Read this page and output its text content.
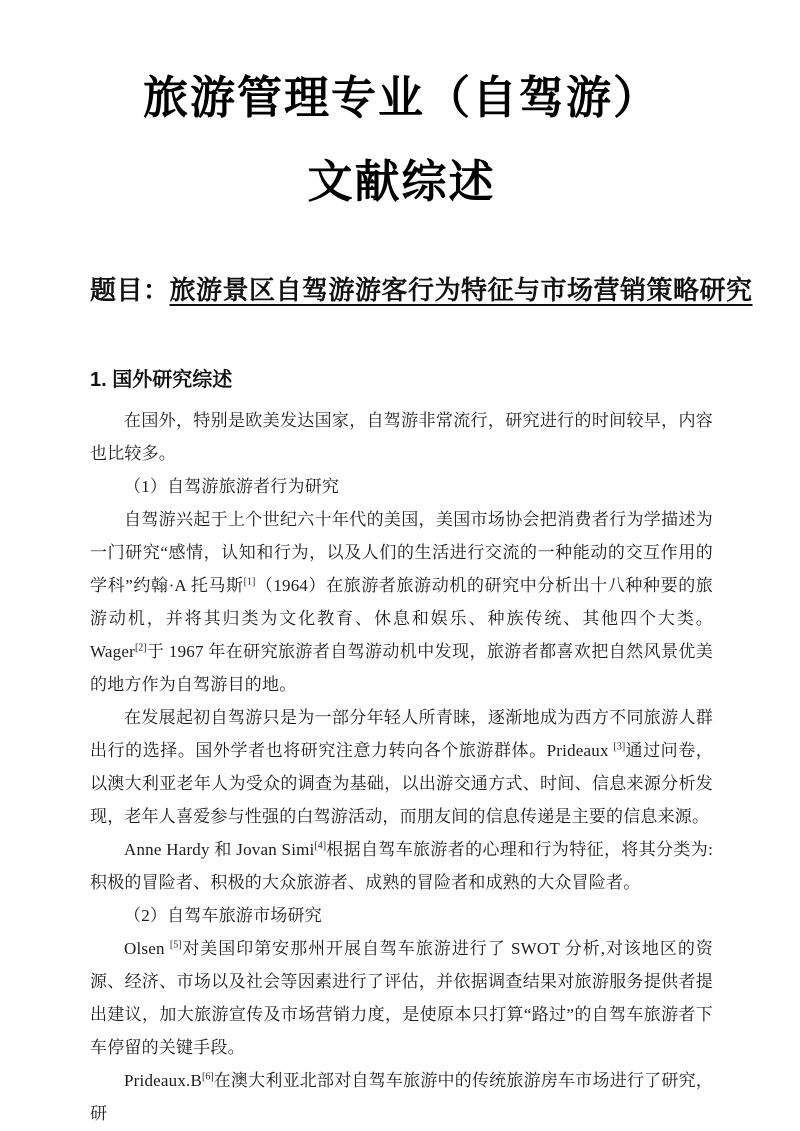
旅游管理专业（自驾游）
文献综述
题目：旅游景区自驾游游客行为特征与市场营销策略研究
1. 国外研究综述

在国外，特别是欧美发达国家，自驾游非常流行，研究进行的时间较早，内容也比较多。

（1）自驾游旅游者行为研究

自驾游兴起于上个世纪六十年代的美国，美国市场协会把消费者行为学描述为一门研究“感情，认知和行为，以及人们的生活进行交流的一种能动的交互作用的学科”约翰·A 托马斯[1]（1964）在旅游者旅游动机的研究中分析出十八种种要的旅游动机，并将其归类为文化教育、休息和娱乐、种族传统、其他四个大类。Wager[2]于 1967 年在研究旅游者自驾游动机中发现，旅游者都喜欢把自然风景优美的地方作为自驾游目的地。

在发展起初自驾游只是为一部分年轻人所青睐，逐渐地成为西方不同旅游人群出行的选择。国外学者也将研究注意力转向各个旅游群体。Prideaux [3]通过问卷，以澳大利亚老年人为受众的调查为基础，以出游交通方式、时间、信息来源分析发现，老年人喜爱参与性强的白驾游活动，而朋友间的信息传递是主要的信息来源。

Anne Hardy 和 Jovan Simi[4]根据自驾车旅游者的心理和行为特征，将其分类为:积极的冒险者、积极的大众旅游者、成熟的冒险者和成熟的大众冒险者。

（2）自驾车旅游市场研究

Olsen [5]对美国印第安那州开展自驾车旅游进行了 SWOT 分析,对该地区的资源、经济、市场以及社会等因素进行了评估，并依据调查结果对旅游服务提供者提出建议，加大旅游宣传及市场营销力度，是使原本只打算“路过”的自驾车旅游者下车停留的关键手段。

Prideaux.B[6]在澳大利亚北部对自驾车旅游中的传统旅游房车市场进行了研究，研
